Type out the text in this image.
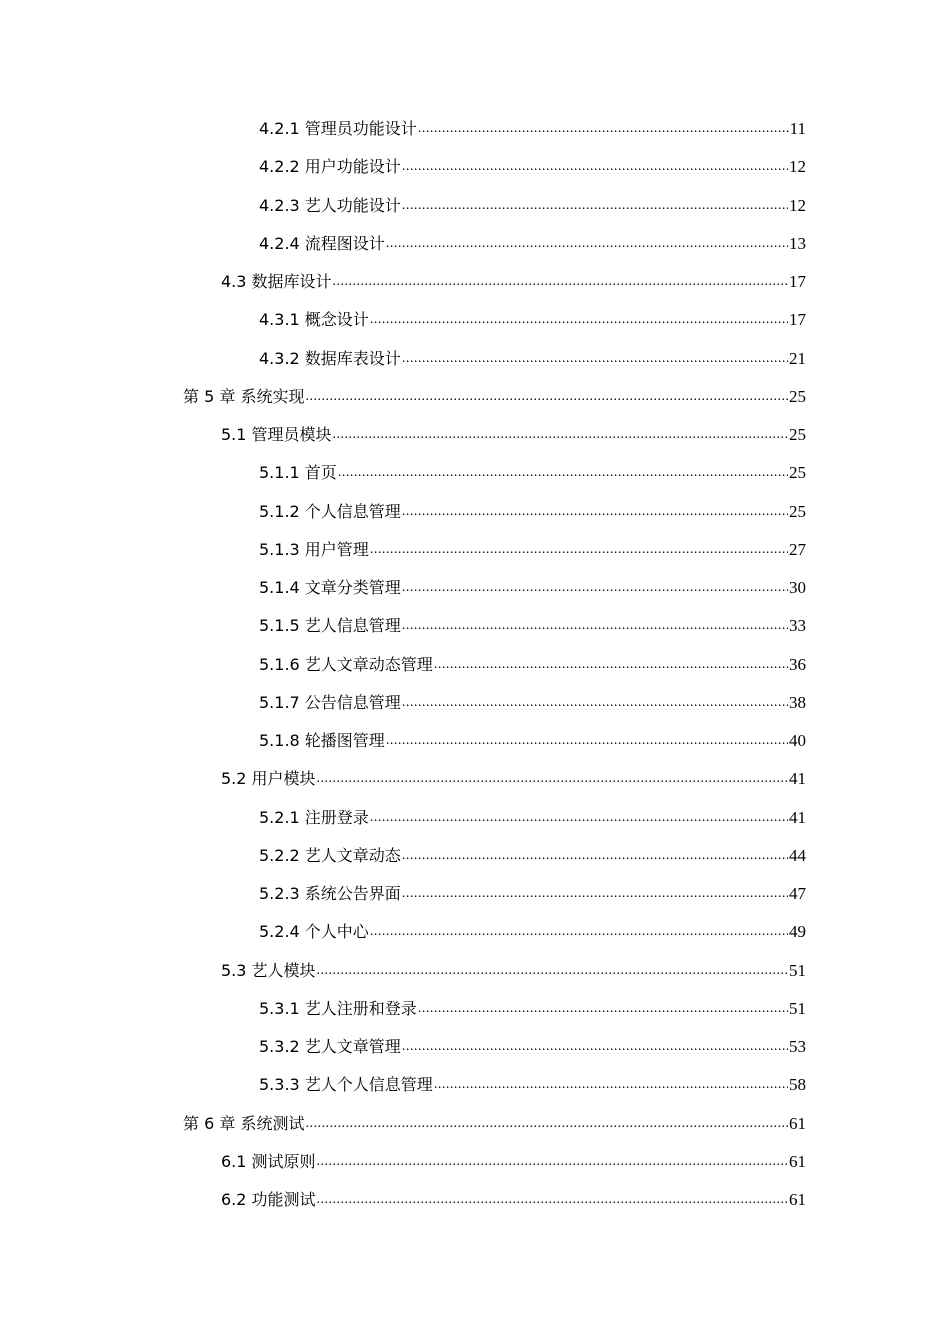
4.2.1 管理员功能设计 .....	11
4.2.2 用户功能设计 .....	12
4.2.3 艺人功能设计 .....	12
4.2.4 流程图设计 .....	13
4.3 数据库设计 .....	17
4.3.1 概念设计 .....	17
4.3.2 数据库表设计 .....	21
第 5 章 系统实现 .....	25
5.1 管理员模块 .....	25
5.1.1 首页 .....	25
5.1.2 个人信息管理 .....	25
5.1.3 用户管理 .....	27
5.1.4 文章分类管理 .....	30
5.1.5 艺人信息管理 .....	33
5.1.6 艺人文章动态管理 .....	36
5.1.7 公告信息管理 .....	38
5.1.8 轮播图管理 .....	40
5.2 用户模块 .....	41
5.2.1 注册登录 .....	41
5.2.2 艺人文章动态 .....	44
5.2.3 系统公告界面 .....	47
5.2.4 个人中心 .....	49
5.3 艺人模块 .....	51
5.3.1 艺人注册和登录 .....	51
5.3.2 艺人文章管理 .....	53
5.3.3 艺人个人信息管理 .....	58
第 6 章 系统测试 .....	61
6.1 测试原则 .....	61
6.2 功能测试 .....	61
